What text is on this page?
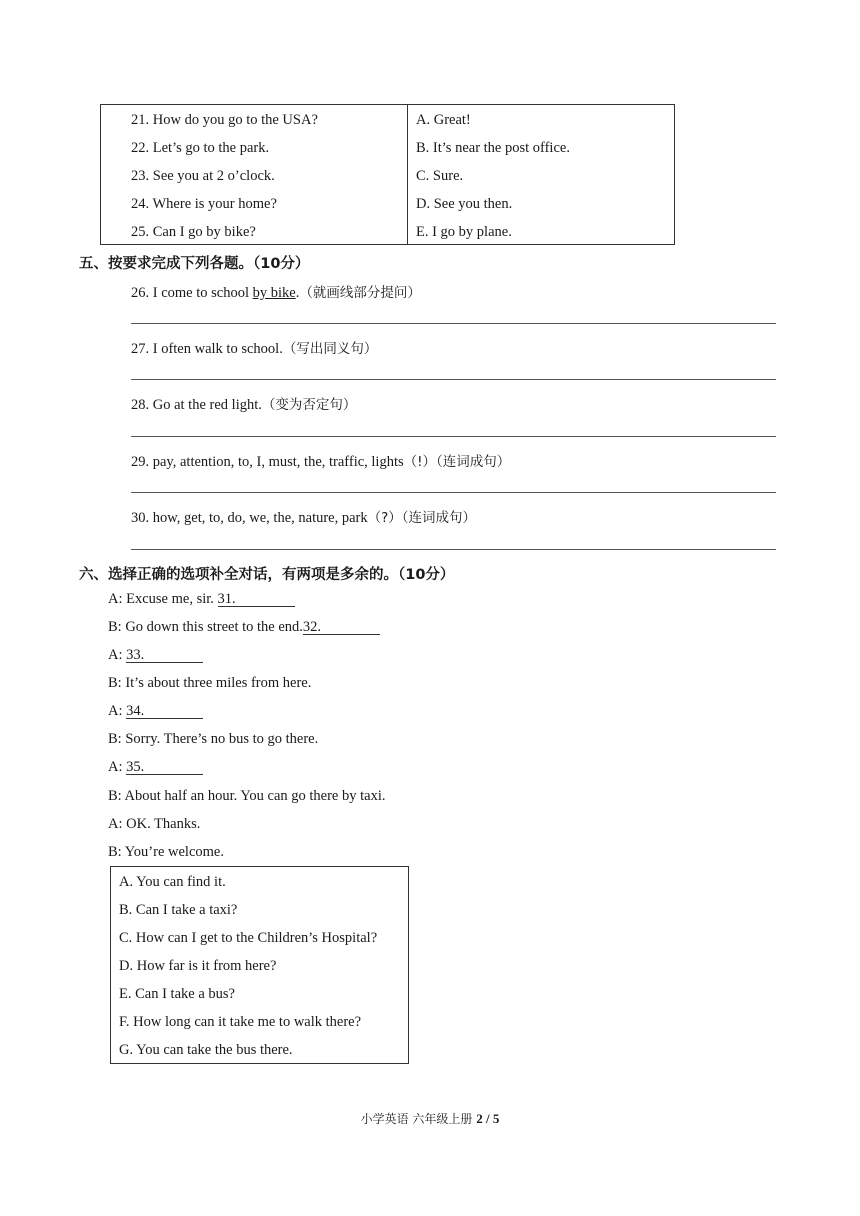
21. How do you go to the USA?
22. Let’s go to the park.
23. See you at 2 o’clock.
24. Where is your home?
25. Can I go by bike?
A. Great!
B. It’s near the post office.
C. Sure.
D. See you then.
E. I go by plane.
五、按要求完成下列各题。（10分）
26. I come to school by bike.（就画线部分提问）
27. I often walk to school.（写出同义句）
28. Go at the red light.（变为否定句）
29. pay, attention, to, I, must, the, traffic, lights（!）（连词成句）
30. how, get, to, do, we, the, nature, park（?）（连词成句）
六、选择正确的选项补全对话，有两项是多余的。（10分）
A: Excuse me, sir. 31.
B: Go down this street to the end.32.
A: 33.
B: It’s about three miles from here.
A: 34.
B: Sorry. There’s no bus to go there.
A: 35.
B: About half an hour. You can go there by taxi.
A: OK. Thanks.
B: You’re welcome.
A. You can find it.
B. Can I take a taxi?
C. How can I get to the Children’s Hospital?
D. How far is it from here?
E. Can I take a bus?
F. How long can it take me to walk there?
G. You can take the bus there.
小学英语 六年级上册 2 / 5
